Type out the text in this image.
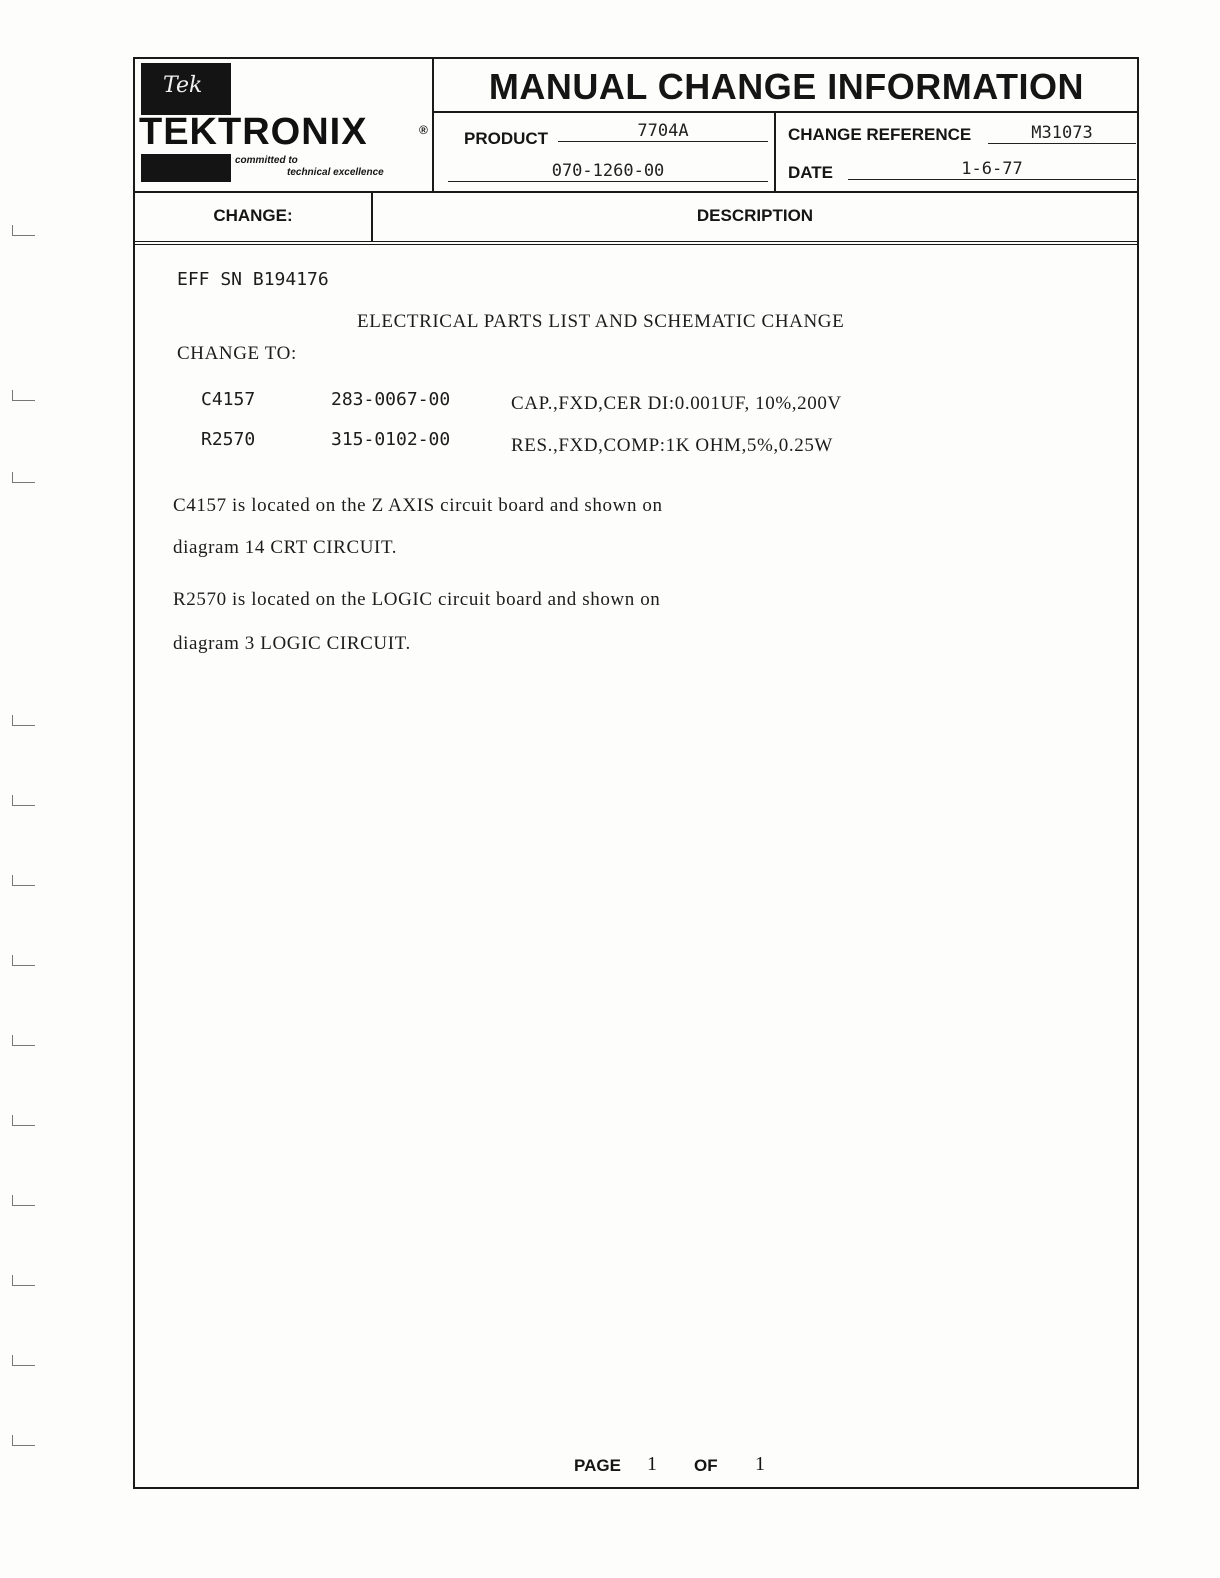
Tek
TEKTRONIX	®
committed to
technical excellence
MANUAL CHANGE INFORMATION
PRODUCT	7704A
070-1260-00
CHANGE REFERENCE	M31073
DATE	1-6-77
CHANGE:	DESCRIPTION
EFF SN B194176
ELECTRICAL PARTS LIST AND SCHEMATIC CHANGE
CHANGE TO:
C4157	283-0067-00	CAP.,FXD,CER DI:0.001UF, 10%,200V
R2570	315-0102-00	RES.,FXD,COMP:1K OHM,5%,0.25W
C4157 is located on the Z AXIS circuit board and shown on
diagram 14 CRT CIRCUIT.
R2570 is located on the LOGIC circuit board and shown on
diagram 3 LOGIC CIRCUIT.
PAGE 1 OF 1
